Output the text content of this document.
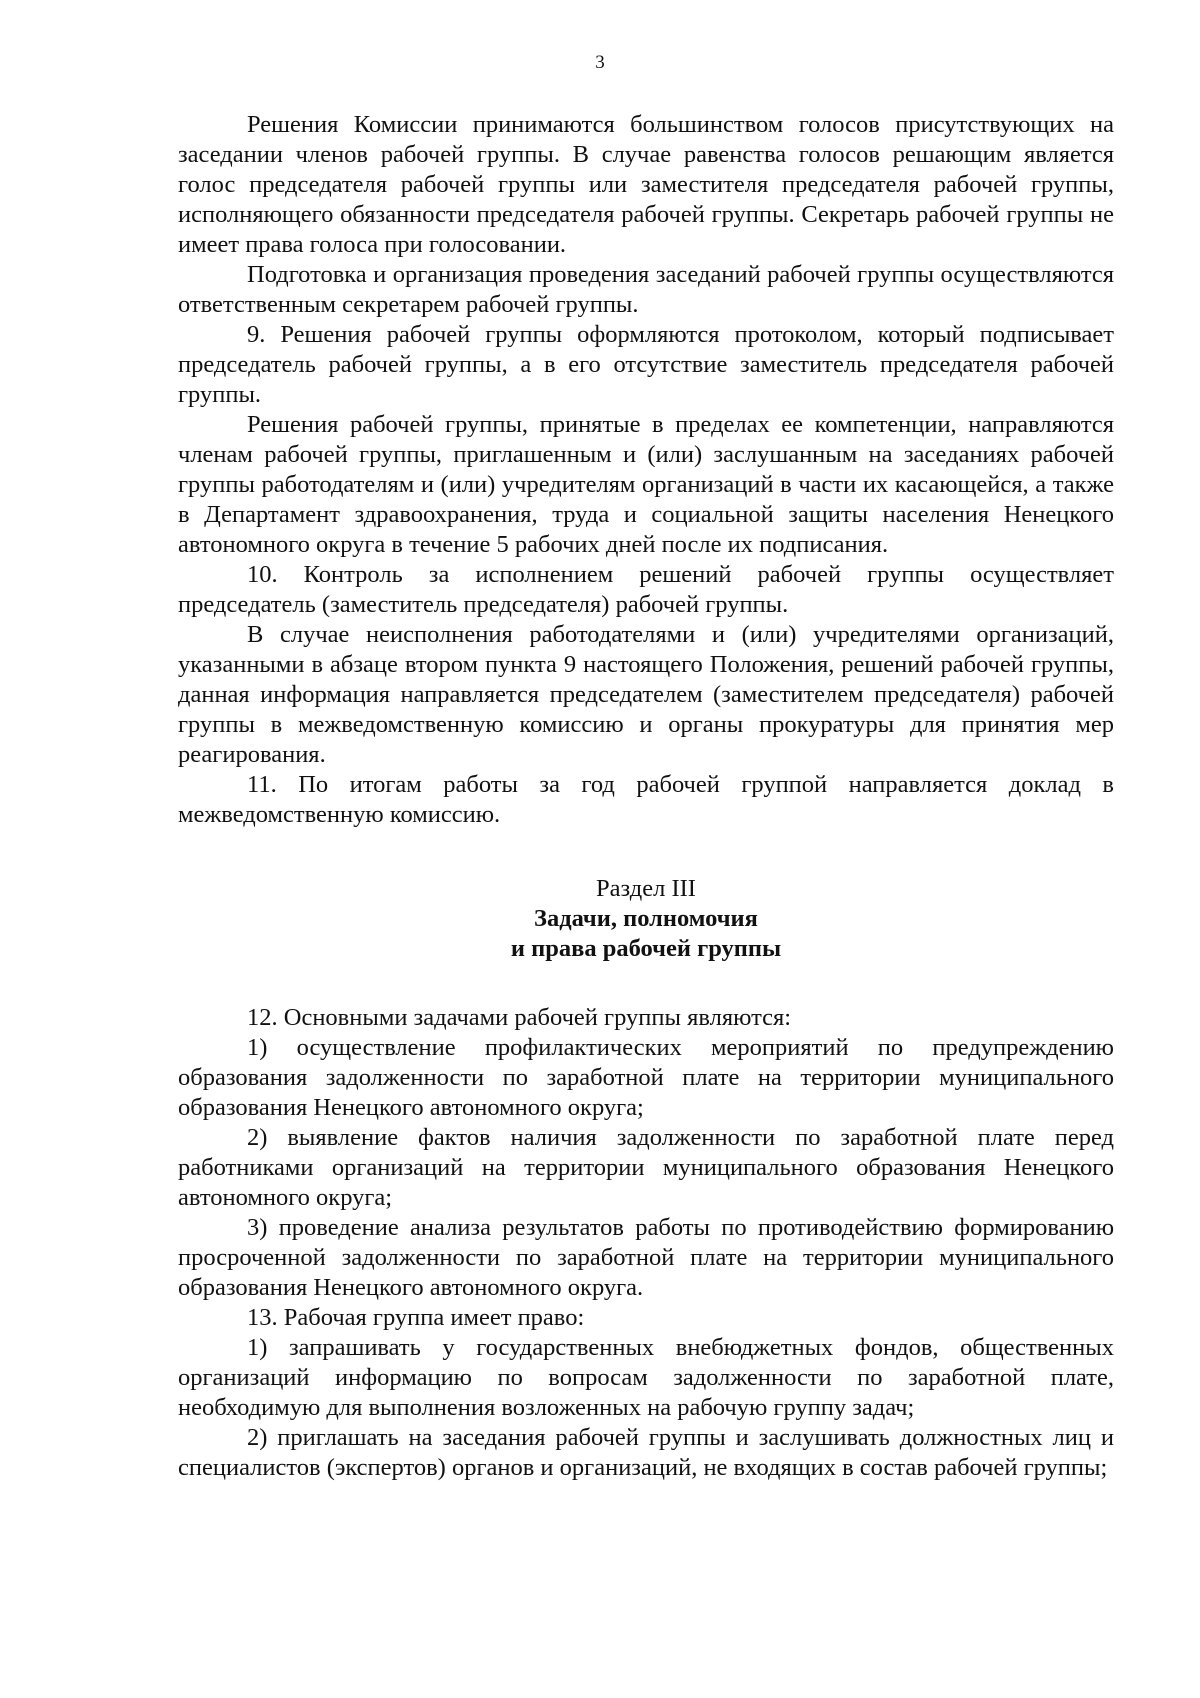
3

Решения Комиссии принимаются большинством голосов присутствующих на заседании членов рабочей группы. В случае равенства голосов решающим является голос председателя рабочей группы или заместителя председателя рабочей группы, исполняющего обязанности председателя рабочей группы. Секретарь рабочей группы не имеет права голоса при голосовании.

Подготовка и организация проведения заседаний рабочей группы осуществляются ответственным секретарем рабочей группы.

9. Решения рабочей группы оформляются протоколом, который подписывает председатель рабочей группы, а в его отсутствие заместитель председателя рабочей группы.

Решения рабочей группы, принятые в пределах ее компетенции, направляются членам рабочей группы, приглашенным и (или) заслушанным на заседаниях рабочей группы работодателям и (или) учредителям организаций в части их касающейся, а также в Департамент здравоохранения, труда и социальной защиты населения Ненецкого автономного округа в течение 5 рабочих дней после их подписания.

10. Контроль за исполнением решений рабочей группы осуществляет председатель (заместитель председателя) рабочей группы.

В случае неисполнения работодателями и (или) учредителями организаций, указанными в абзаце втором пункта 9 настоящего Положения, решений рабочей группы, данная информация направляется председателем (заместителем председателя) рабочей группы в межведомственную комиссию и органы прокуратуры для принятия мер реагирования.

11. По итогам работы за год рабочей группой направляется доклад в межведомственную комиссию.

Раздел III
Задачи, полномочия
и права рабочей группы

12. Основными задачами рабочей группы являются:

1) осуществление профилактических мероприятий по предупреждению образования задолженности по заработной плате на территории муниципального образования Ненецкого автономного округа;

2) выявление фактов наличия задолженности по заработной плате перед работниками организаций на территории муниципального образования Ненецкого автономного округа;

3) проведение анализа результатов работы по противодействию формированию просроченной задолженности по заработной плате на территории муниципального образования Ненецкого автономного округа.

13. Рабочая группа имеет право:

1) запрашивать у государственных внебюджетных фондов, общественных организаций информацию по вопросам задолженности по заработной плате, необходимую для выполнения возложенных на рабочую группу задач;

2) приглашать на заседания рабочей группы и заслушивать должностных лиц и специалистов (экспертов) органов и организаций, не входящих в состав рабочей группы;
